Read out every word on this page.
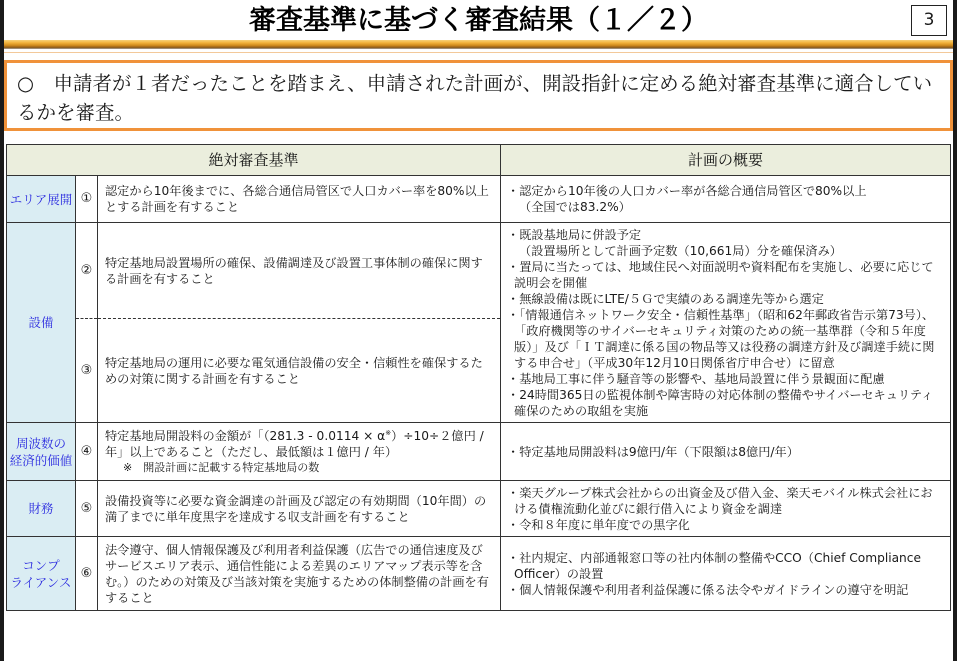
審査基準に基づく審査結果（１／２）	3
○　申請者が１者だったことを踏まえ、申請された計画が、開設指針に定める絶対審査基準に適合しているかを審査。
絶対審査基準			計画の概要
エリア展開	①	認定から10年後までに、各総合通信局管区で人口カバー率を80%以上とする計画を有すること	・認定から10年後の人口カバー率が各総合通信局管区で80%以上
（全国では83.2%）

設備	②	特定基地局設置場所の確保、設備調達及び設置工事体制の確保に関する計画を有すること	
・既設基地局に併設予定
（設置場所として計画予定数（10,661局）分を確保済み）
・置局に当たっては、地域住民へ対面説明や資料配布を実施し、必要に応じて説明会を開催
・無線設備は既にLTE/５Ｇで実績のある調達先等から選定
・「情報通信ネットワーク安全・信頼性基準」（昭和62年郵政省告示第73号）、「政府機関等のサイバーセキュリティ対策のための統一基準群（令和５年度版）」及び「ＩＴ調達に係る国の物品等又は役務の調達方針及び調達手続に関する申合せ」（平成30年12月10日関係省庁申合せ）に留意
・基地局工事に伴う騒音等の影響や、基地局設置に伴う景観面に配慮
・24時間365日の監視体制や障害時の対応体制の整備やサイバーセキュリティ確保のための取組を実施

	③	特定基地局の運用に必要な電気通信設備の安全・信頼性を確保するための対策に関する計画を有すること	

周波数の
経済的価値	④	特定基地局開設料の金額が「（281.3 - 0.0114 × α※）÷10÷２億円 / 年」以上であること（ただし、最低額は１億円 / 年）
※　開設計画に記載する特定基地局の数	・特定基地局開設料は9億円/年（下限額は8億円/年）

財務	⑤	設備投資等に必要な資金調達の計画及び認定の有効期間（10年間）の満了までに単年度黒字を達成する収支計画を有すること	・楽天グループ株式会社からの出資金及び借入金、楽天モバイル株式会社における債権流動化並びに銀行借入により資金を調達
・令和８年度に単年度での黒字化

コンプ
ライアンス	⑥	法令遵守、個人情報保護及び利用者利益保護（広告での通信速度及びサービスエリア表示、通信性能による差異のエリアマップ表示等を含む。）のための対策及び当該対策を実施するための体制整備の計画を有すること	・社内規定、内部通報窓口等の社内体制の整備やCCO（Chief Compliance Officer）の設置
・個人情報保護や利用者利益保護に係る法令やガイドラインの遵守を明記
